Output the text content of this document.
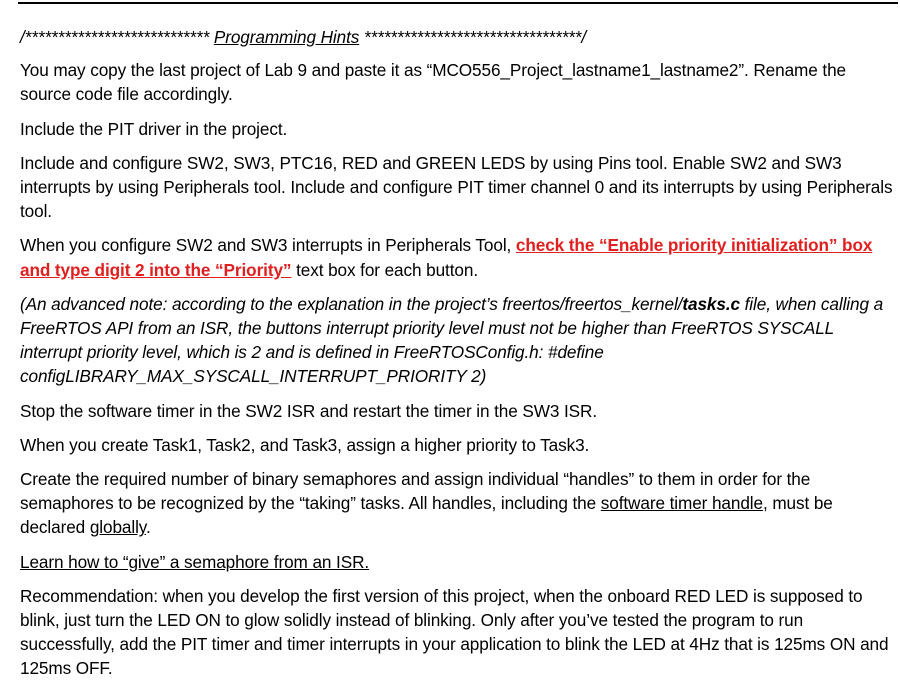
/**************************** Programming Hints *********************************/

You may copy the last project of Lab 9 and paste it as “MCO556_Project_lastname1_lastname2”. Rename the source code file accordingly.

Include the PIT driver in the project.

Include and configure SW2, SW3, PTC16, RED and GREEN LEDS by using Pins tool. Enable SW2 and SW3 interrupts by using Peripherals tool. Include and configure PIT timer channel 0 and its interrupts by using Peripherals tool.

When you configure SW2 and SW3 interrupts in Peripherals Tool, check the “Enable priority initialization” box and type digit 2 into the “Priority” text box for each button.

(An advanced note: according to the explanation in the project’s freertos/freertos_kernel/tasks.c file, when calling a FreeRTOS API from an ISR, the buttons interrupt priority level must not be higher than FreeRTOS SYSCALL interrupt priority level, which is 2 and is defined in FreeRTOSConfig.h: #define configLIBRARY_MAX_SYSCALL_INTERRUPT_PRIORITY 2)

Stop the software timer in the SW2 ISR and restart the timer in the SW3 ISR.

When you create Task1, Task2, and Task3, assign a higher priority to Task3.

Create the required number of binary semaphores and assign individual “handles” to them in order for the semaphores to be recognized by the “taking” tasks. All handles, including the software timer handle, must be declared globally.

Learn how to “give” a semaphore from an ISR.

Recommendation: when you develop the first version of this project, when the onboard RED LED is supposed to blink, just turn the LED ON to glow solidly instead of blinking. Only after you’ve tested the program to run successfully, add the PIT timer and timer interrupts in your application to blink the LED at 4Hz that is 125ms ON and 125ms OFF.
